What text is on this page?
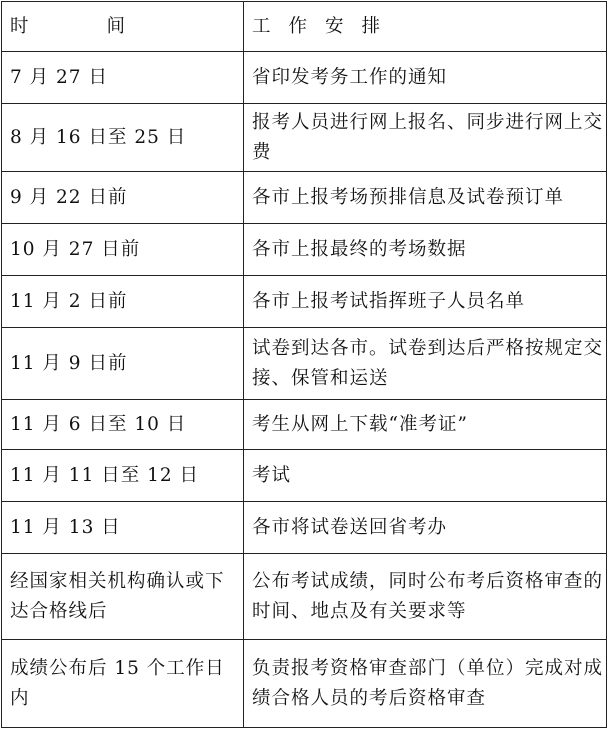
时间	工作安排
7 月 27 日	省印发考务工作的通知
8 月 16 日至 25 日	报考人员进行网上报名、同步进行网上交费
9 月 22 日前	各市上报考场预排信息及试卷预订单
10 月 27 日前	各市上报最终的考场数据
11 月 2 日前	各市上报考试指挥班子人员名单
11 月 9 日前	试卷到达各市。试卷到达后严格按规定交接、保管和运送
11 月 6 日至 10 日	考生从网上下载“准考证”
11 月 11 日至 12 日	考试
11 月 13 日	各市将试卷送回省考办
经国家相关机构确认或下达合格线后	公布考试成绩，同时公布考后资格审查的时间、地点及有关要求等
成绩公布后 15 个工作日内	负责报考资格审查部门（单位）完成对成绩合格人员的考后资格审查
